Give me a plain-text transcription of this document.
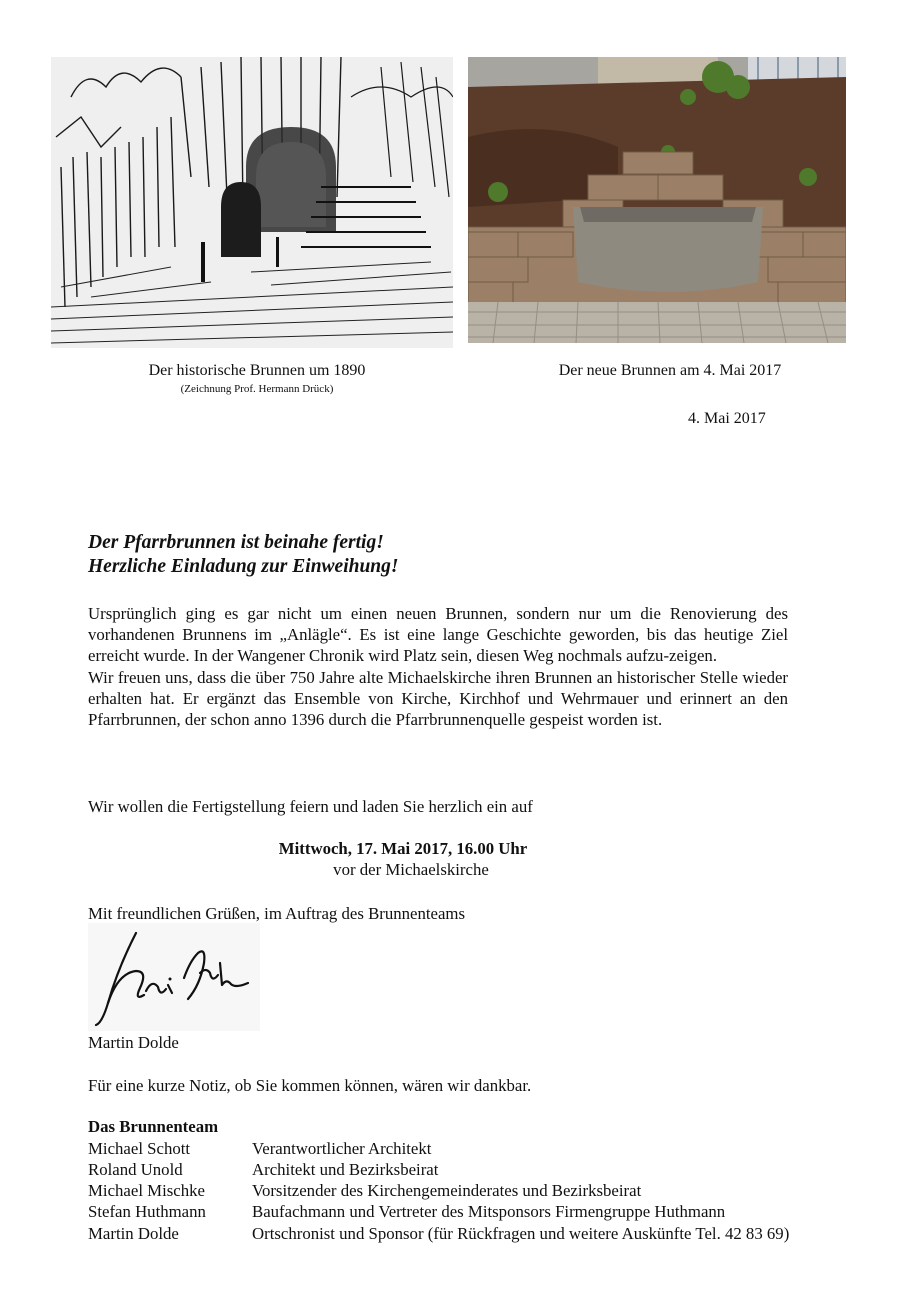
Der historische Brunnen um 1890
(Zeichnung Prof. Hermann Drück)
Der neue Brunnen am 4. Mai 2017
4. Mai 2017
Der Pfarrbrunnen ist beinahe fertig!
Herzliche Einladung zur Einweihung!

Ursprünglich ging es gar nicht um einen neuen Brunnen, sondern nur um die Renovierung des vorhandenen Brunnens im „Anlägle“. Es ist eine lange Geschichte geworden, bis das heutige Ziel erreicht wurde. In der Wangener Chronik wird Platz sein, diesen Weg nochmals aufzu-zeigen.

Wir freuen uns, dass die über 750 Jahre alte Michaelskirche ihren Brunnen an historischer Stelle wieder erhalten hat. Er ergänzt das Ensemble von Kirche, Kirchhof und Wehrmauer und erinnert an den Pfarrbrunnen, der schon anno 1396 durch die Pfarrbrunnenquelle gespeist worden ist.

Wir wollen die Fertigstellung feiern und laden Sie herzlich ein auf
Mittwoch, 17. Mai 2017, 16.00 Uhr
vor der Michaelskirche
Mit freundlichen Grüßen, im Auftrag des Brunnenteams
Martin Dolde
Für eine kurze Notiz, ob Sie kommen können, wären wir dankbar.
Das Brunnenteam
Michael Schott	Verantwortlicher Architekt
Roland Unold	Architekt und Bezirksbeirat
Michael Mischke	Vorsitzender des Kirchengemeinderates und Bezirksbeirat
Stefan Huthmann	Baufachmann und Vertreter des Mitsponsors Firmengruppe Huthmann
Martin Dolde	Ortschronist und Sponsor (für Rückfragen und weitere Auskünfte Tel. 42 83 69)
